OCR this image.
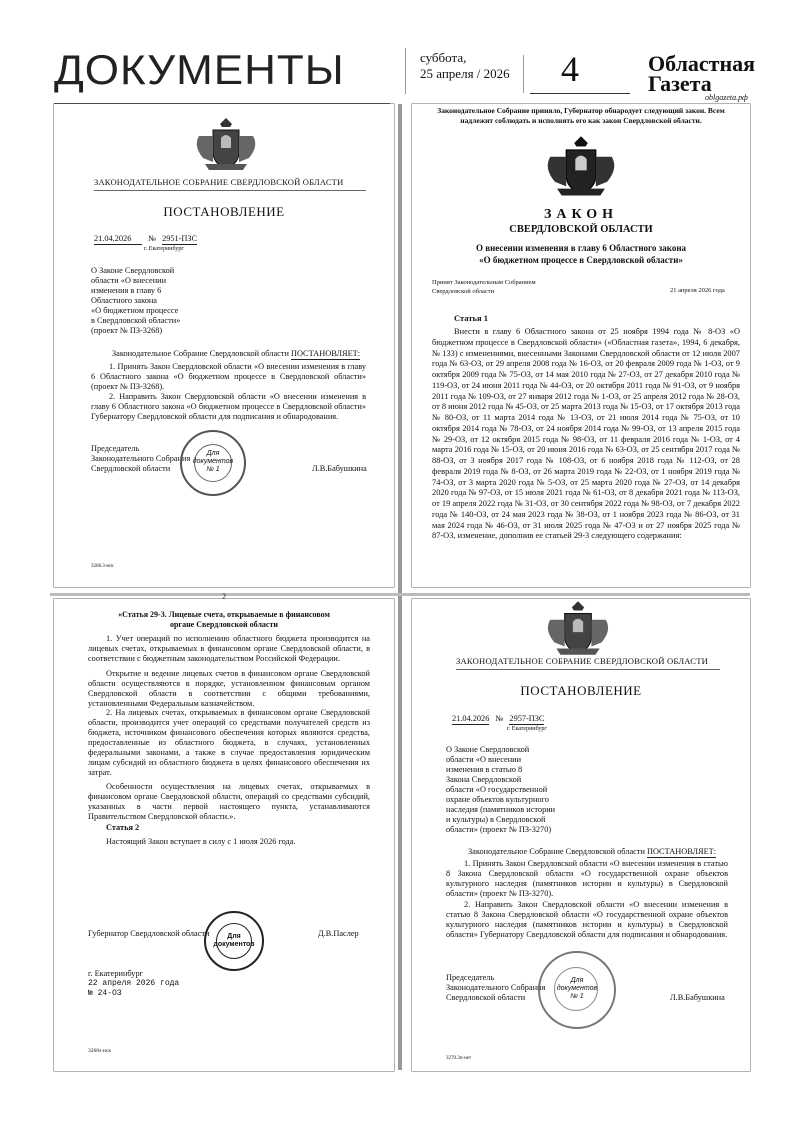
ДОКУМЕНТЫ	суббота,
25 апреля / 2026 4	Областная
Газета
oblgazeta.рф
ЗАКОНОДАТЕЛЬНОЕ СОБРАНИЕ СВЕРДЛОВСКОЙ ОБЛАСТИ
ПОСТАНОВЛЕНИЕ
21.04.2026 № 2951-ПЗС
г. Екатеринбург
О Законе Свердловской
области «О внесении
изменения в главу 6
Областного закона
«О бюджетном процессе
в Свердловской области»
(проект № ПЗ-3268)
Законодательное Собрание Свердловской области ПОСТАНОВЛЯЕТ:
1. Принять Закон Свердловской области «О внесении изменения в главу 6 Областного закона «О бюджетном процессе в Свердловской области» (проект № ПЗ-3268).
2. Направить Закон Свердловской области «О внесении изменения в главу 6 Областного закона «О бюджетном процессе в Свердловской области» Губернатору Свердловской области для подписания и обнародования.
Председатель
Законодательного Собрания
Свердловской области	Л.В.Бабушкина
Для
документов
№ 1
3268.3-иск
Законодательное Собрание приняло, Губернатор обнародует следующий закон. Всем надлежит соблюдать и исполнять его как закон Свердловской области.
ЗАКОН
СВЕРДЛОВСКОЙ ОБЛАСТИ
О внесении изменения в главу 6 Областного закона
«О бюджетном процессе в Свердловской области»
Принят Законодательным Собранием
Свердловской области	21 апреля 2026 года
Статья 1
Внести в главу 6 Областного закона от 25 ноября 1994 года № 8-ОЗ «О бюджетном процессе в Свердловской области» («Областная газета», 1994, 6 декабря, № 133) с изменениями, внесенными Законами Свердловской области от 12 июля 2007 года № 63-ОЗ, от 29 апреля 2008 года № 16-ОЗ, от 20 февраля 2009 года № 1-ОЗ, от 9 октября 2009 года № 75-ОЗ, от 14 мая 2010 года № 27-ОЗ, от 27 декабря 2010 года № 119-ОЗ, от 24 июня 2011 года № 44-ОЗ, от 20 октября 2011 года № 91-ОЗ, от 9 ноября 2011 года № 109-ОЗ, от 27 января 2012 года № 1-ОЗ, от 25 апреля 2012 года № 28-ОЗ, от 8 июня 2012 года № 45-ОЗ, от 25 марта 2013 года № 15-ОЗ, от 17 октября 2013 года № 80-ОЗ, от 11 марта 2014 года № 13-ОЗ, от 21 июля 2014 года № 75-ОЗ, от 10 октября 2014 года № 78-ОЗ, от 24 ноября 2014 года № 99-ОЗ, от 13 апреля 2015 года № 29-ОЗ, от 12 октября 2015 года № 98-ОЗ, от 11 февраля 2016 года № 1-ОЗ, от 4 марта 2016 года № 15-ОЗ, от 20 июня 2016 года № 63-ОЗ, от 25 сентября 2017 года № 88-ОЗ, от 3 ноября 2017 года № 108-ОЗ, от 6 ноября 2018 года № 112-ОЗ, от 28 февраля 2019 года № 8-ОЗ, от 26 марта 2019 года № 22-ОЗ, от 1 ноября 2019 года № 74-ОЗ, от 3 марта 2020 года № 5-ОЗ, от 25 марта 2020 года № 27-ОЗ, от 14 декабря 2020 года № 97-ОЗ, от 15 июля 2021 года № 61-ОЗ, от 8 декабря 2021 года № 113-ОЗ, от 19 апреля 2022 года № 31-ОЗ, от 30 сентября 2022 года № 98-ОЗ, от 7 декабря 2022 года № 140-ОЗ, от 24 мая 2023 года № 38-ОЗ, от 1 ноября 2023 года № 86-ОЗ, от 31 мая 2024 года № 46-ОЗ, от 31 июля 2025 года № 47-ОЗ и от 27 ноября 2025 года № 87-ОЗ, изменение, дополнив ее статьей 29-3 следующего содержания:
2
«Статья 29-3. Лицевые счета, открываемые в финансовом
органе Свердловской области
1. Учет операций по исполнению областного бюджета производится на лицевых счетах, открываемых в финансовом органе Свердловской области, в соответствии с бюджетным законодательством Российской Федерации.
Открытие и ведение лицевых счетов в финансовом органе Свердловской области осуществляются в порядке, установленном финансовым органом Свердловской области в соответствии с общими требованиями, установленными Федеральным казначейством.
2. На лицевых счетах, открываемых в финансовом органе Свердловской области, производится учет операций со средствами получателей средств из бюджета, источником финансового обеспечения которых являются средства, предоставленные из областного бюджета, в случаях, установленных федеральными законами, а также в случае предоставления юридическим лицам субсидий из областного бюджета в целях финансового обеспечения их затрат.
Особенности осуществления на лицевых счетах, открываемых в финансовом органе Свердловской области, операций со средствами субсидий, указанных в части первой настоящего пункта, устанавливаются Правительством Свердловской области.».
Статья 2
Настоящий Закон вступает в силу с 1 июля 2026 года.
Губернатор Свердловской области	Д.В.Паслер
Для
документов
г. Екатеринбург
22 апреля 2026 года
№ 24-ОЗ
3268з-иск
ЗАКОНОДАТЕЛЬНОЕ СОБРАНИЕ СВЕРДЛОВСКОЙ ОБЛАСТИ
ПОСТАНОВЛЕНИЕ
21.04.2026 № 2957-ПЗС
г. Екатеринбург
О Законе Свердловской
области «О внесении
изменения в статью 8
Закона Свердловской
области «О государственной
охране объектов культурного
наследия (памятников истории
и культуры) в Свердловской
области» (проект № ПЗ-3270)
Законодательное Собрание Свердловской области ПОСТАНОВЛЯЕТ:
1. Принять Закон Свердловской области «О внесении изменения в статью 8 Закона Свердловской области «О государственной охране объектов культурного наследия (памятников истории и культуры) в Свердловской области» (проект № ПЗ-3270).
2. Направить Закон Свердловской области «О внесении изменения в статью 8 Закона Свердловской области «О государственной охране объектов культурного наследия (памятников истории и культуры) в Свердловской области» Губернатору Свердловской области для подписания и обнародования.
Председатель
Законодательного Собрания
Свердловской области	Л.В.Бабушкина
Для
документов
№ 1
3270.3п-нет
